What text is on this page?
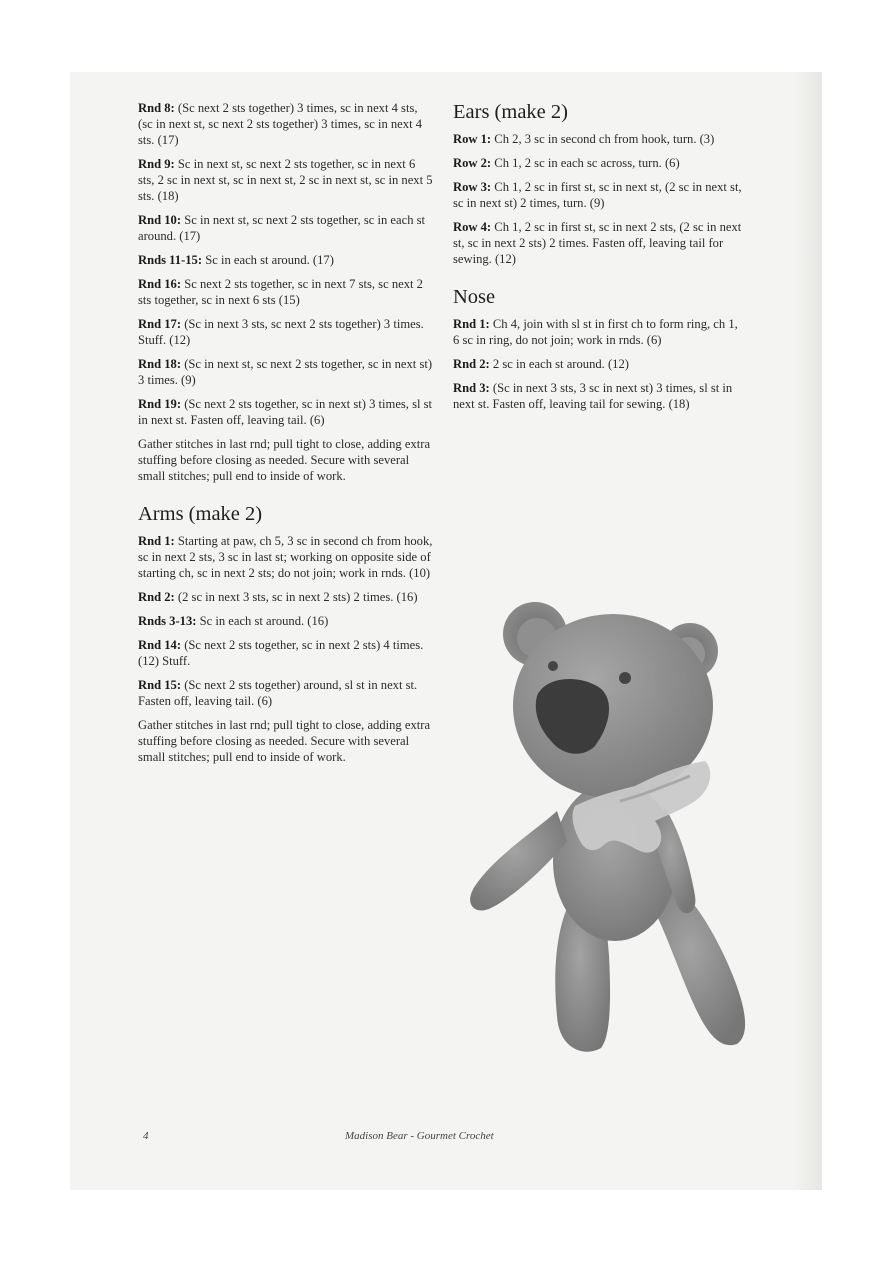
Rnd 8: (Sc next 2 sts together) 3 times, sc in next 4 sts, (sc in next st, sc next 2 sts together) 3 times, sc in next 4 sts. (17)

Rnd 9: Sc in next st, sc next 2 sts together, sc in next 6 sts, 2 sc in next st, sc in next st, 2 sc in next st, sc in next 5 sts. (18)

Rnd 10: Sc in next st, sc next 2 sts together, sc in each st around. (17)

Rnds 11-15: Sc in each st around. (17)

Rnd 16: Sc next 2 sts together, sc in next 7 sts, sc next 2 sts together, sc in next 6 sts (15)

Rnd 17: (Sc in next 3 sts, sc next 2 sts together) 3 times. Stuff. (12)

Rnd 18: (Sc in next st, sc next 2 sts together, sc in next st) 3 times. (9)

Rnd 19: (Sc next 2 sts together, sc in next st) 3 times, sl st in next st. Fasten off, leaving tail. (6)

Gather stitches in last rnd; pull tight to close, adding extra stuffing before closing as needed. Secure with several small stitches; pull end to inside of work.

Arms (make 2)

Rnd 1: Starting at paw, ch 5, 3 sc in second ch from hook, sc in next 2 sts, 3 sc in last st; working on opposite side of starting ch, sc in next 2 sts; do not join; work in rnds. (10)

Rnd 2: (2 sc in next 3 sts, sc in next 2 sts) 2 times. (16)

Rnds 3-13: Sc in each st around. (16)

Rnd 14: (Sc next 2 sts together, sc in next 2 sts) 4 times. (12) Stuff.

Rnd 15: (Sc next 2 sts together) around, sl st in next st. Fasten off, leaving tail. (6)

Gather stitches in last rnd; pull tight to close, adding extra stuffing before closing as needed. Secure with several small stitches; pull end to inside of work.

Ears (make 2)

Row 1: Ch 2, 3 sc in second ch from hook, turn. (3)

Row 2: Ch 1, 2 sc in each sc across, turn. (6)

Row 3: Ch 1, 2 sc in first st, sc in next st, (2 sc in next st, sc in next st) 2 times, turn. (9)

Row 4: Ch 1, 2 sc in first st, sc in next 2 sts, (2 sc in next st, sc in next 2 sts) 2 times. Fasten off, leaving tail for sewing. (12)

Nose

Rnd 1: Ch 4, join with sl st in first ch to form ring, ch 1, 6 sc in ring, do not join; work in rnds. (6)

Rnd 2: 2 sc in each st around. (12)

Rnd 3: (Sc in next 3 sts, 3 sc in next st) 3 times, sl st in next st. Fasten off, leaving tail for sewing. (18)

4	Madison Bear - Gourmet Crochet
